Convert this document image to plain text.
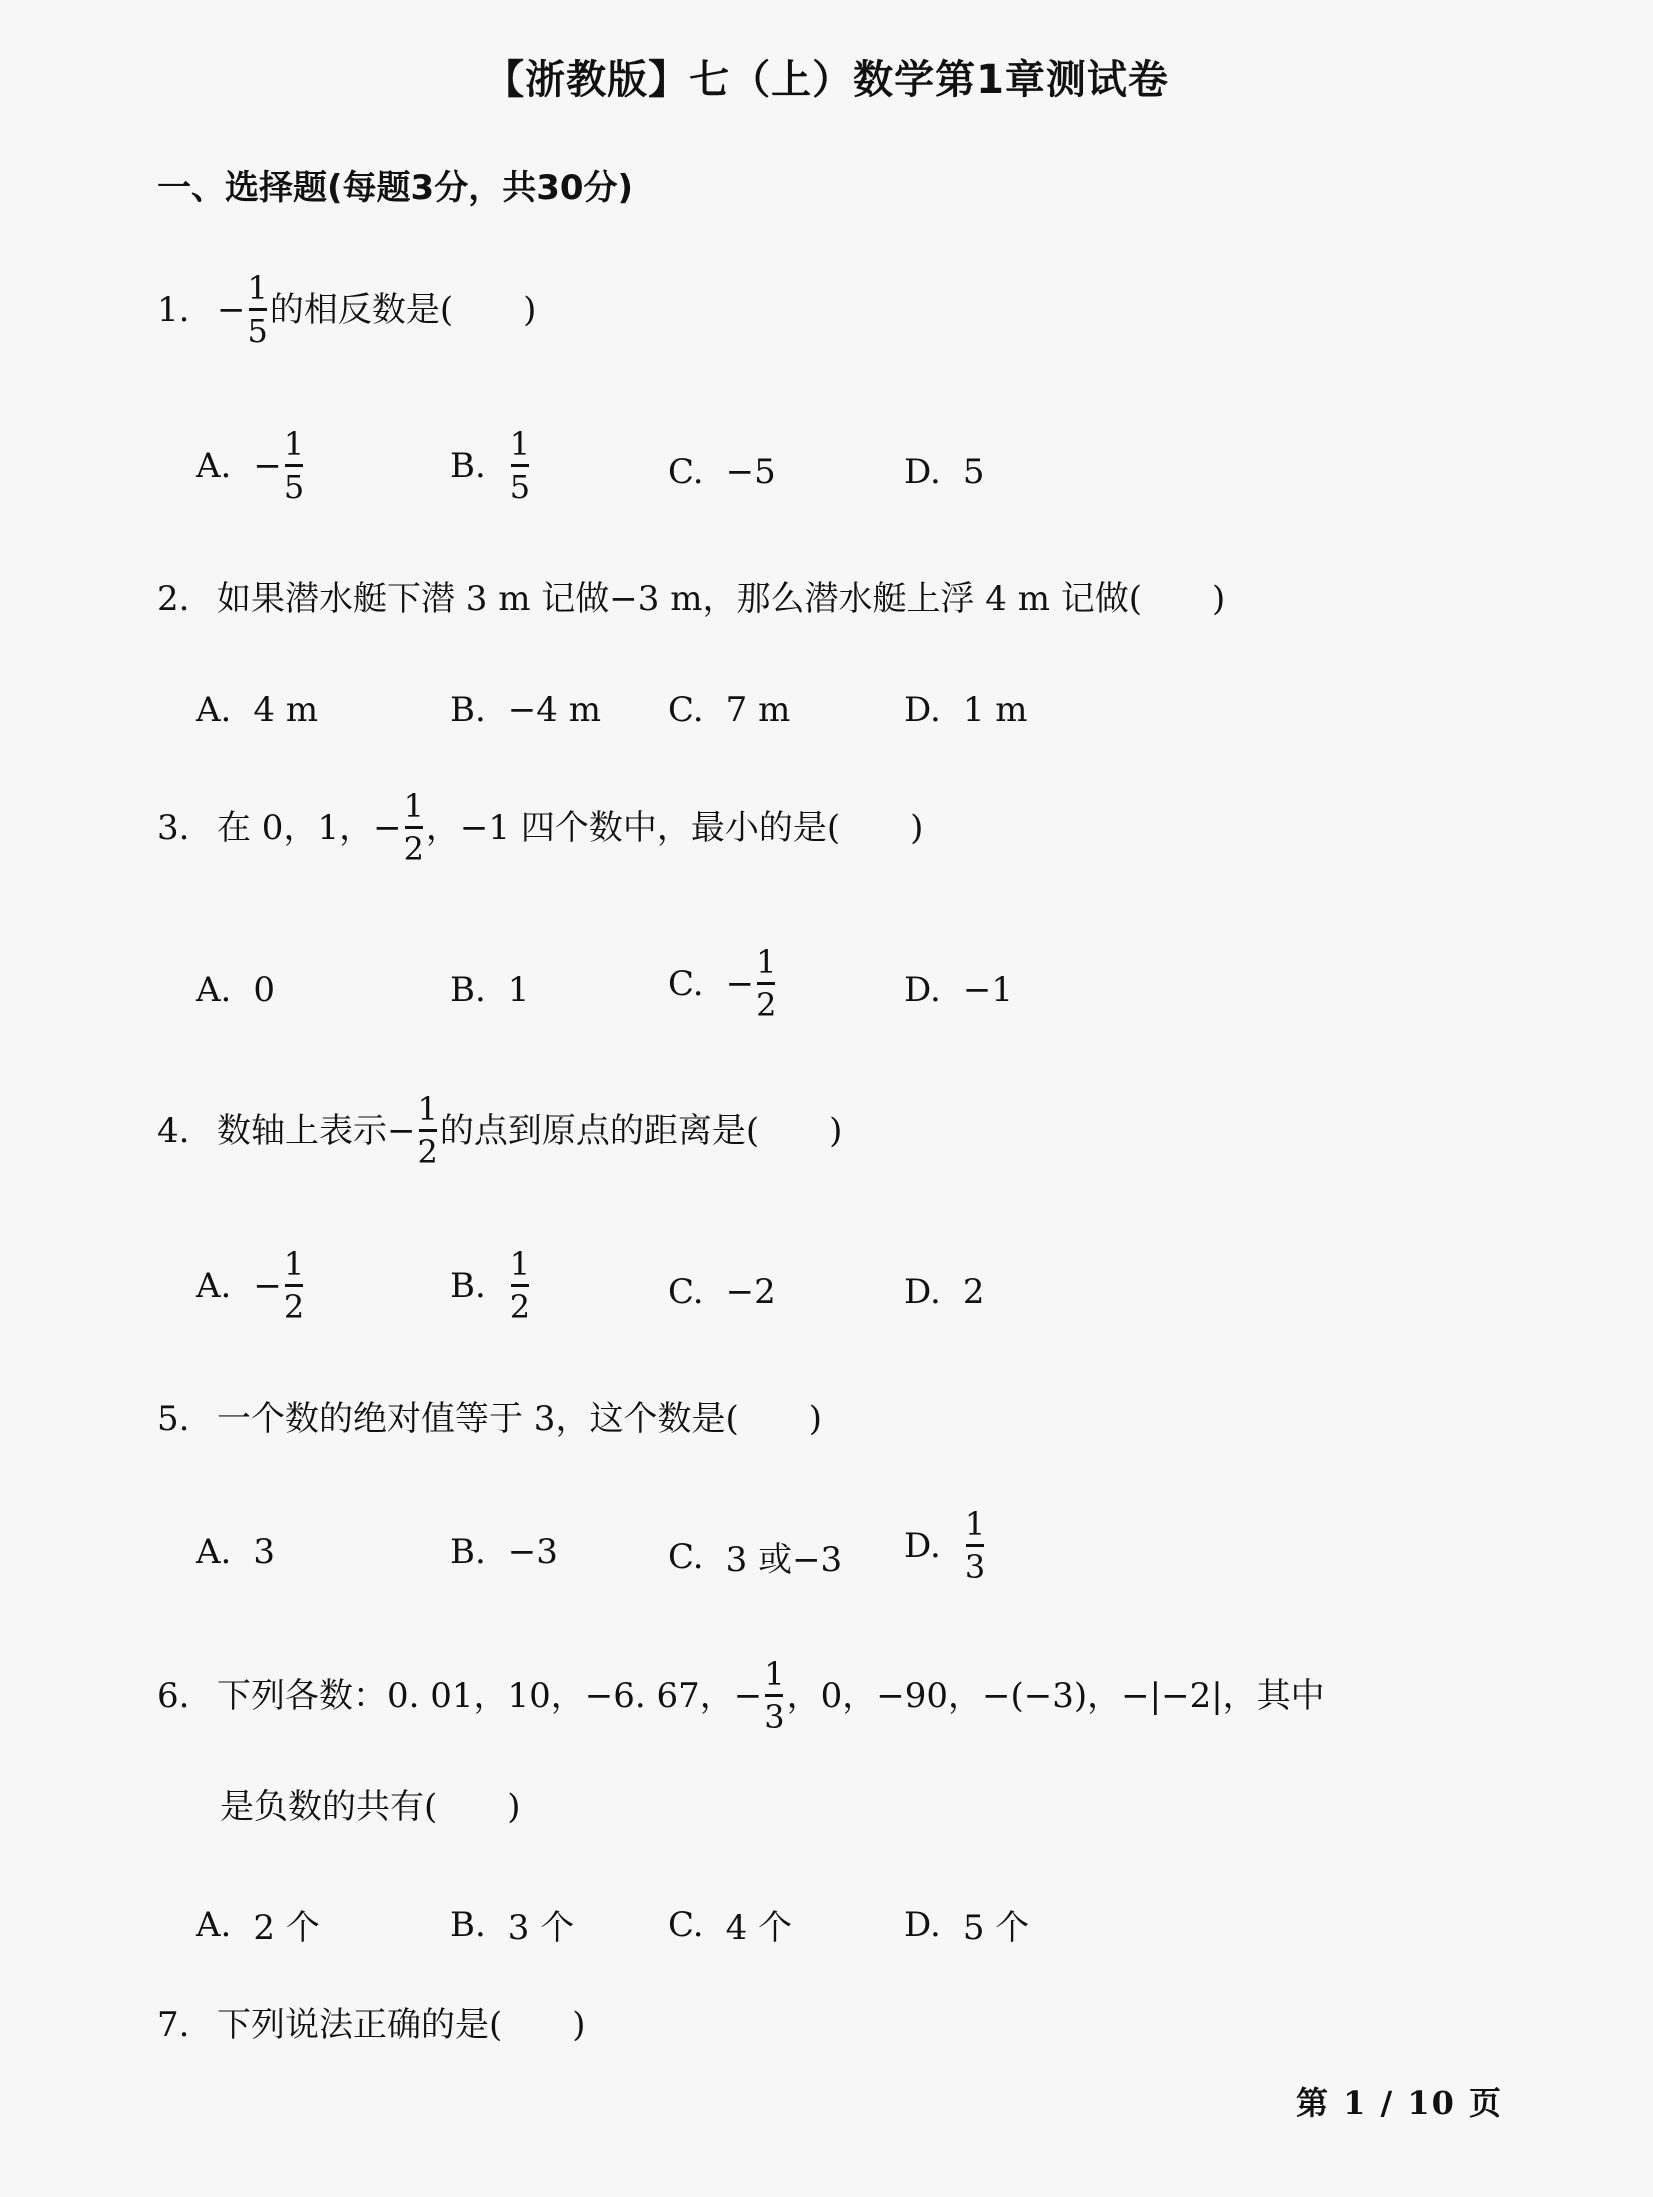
【浙教版】七（上）数学第1章测试卷
一、选择题(每题3分，共30分)
1. − $\frac{1}{5}$ 的相反数是( )
A. − $\frac{1}{5}$	B. $\frac{1}{5}$	C. −5	D. 5
2. 如果潜水艇下潜 3 m 记做−3 m，那么潜水艇上浮 4 m 记做( )
A. 4 m	B. −4 m C. 7 m	D. 1 m
3. 在 0，1，− $\frac{1}{2}$ ，−1 四个数中，最小的是( )
A. 0	B. 1	C. − $\frac{1}{2}$	D. −1
4. 数轴上表示− $\frac{1}{2}$ 的点到原点的距离是( )
A. − $\frac{1}{2}$	B. $\frac{1}{2}$	C. −2	D. 2
5. 一个数的绝对值等于 3，这个数是( )
A. 3	B. −3	C. 3 或−3 D. $\frac{1}{3}$
6. 下列各数：0. 01，10，−6. 67，− $\frac{1}{3}$ ，0，−90，−(−3)，−|−2|，其中
是负数的共有( )
A. 2 个	B. 3 个	C. 4 个	D. 5 个
7. 下列说法正确的是( )
第 1 / 10 页
